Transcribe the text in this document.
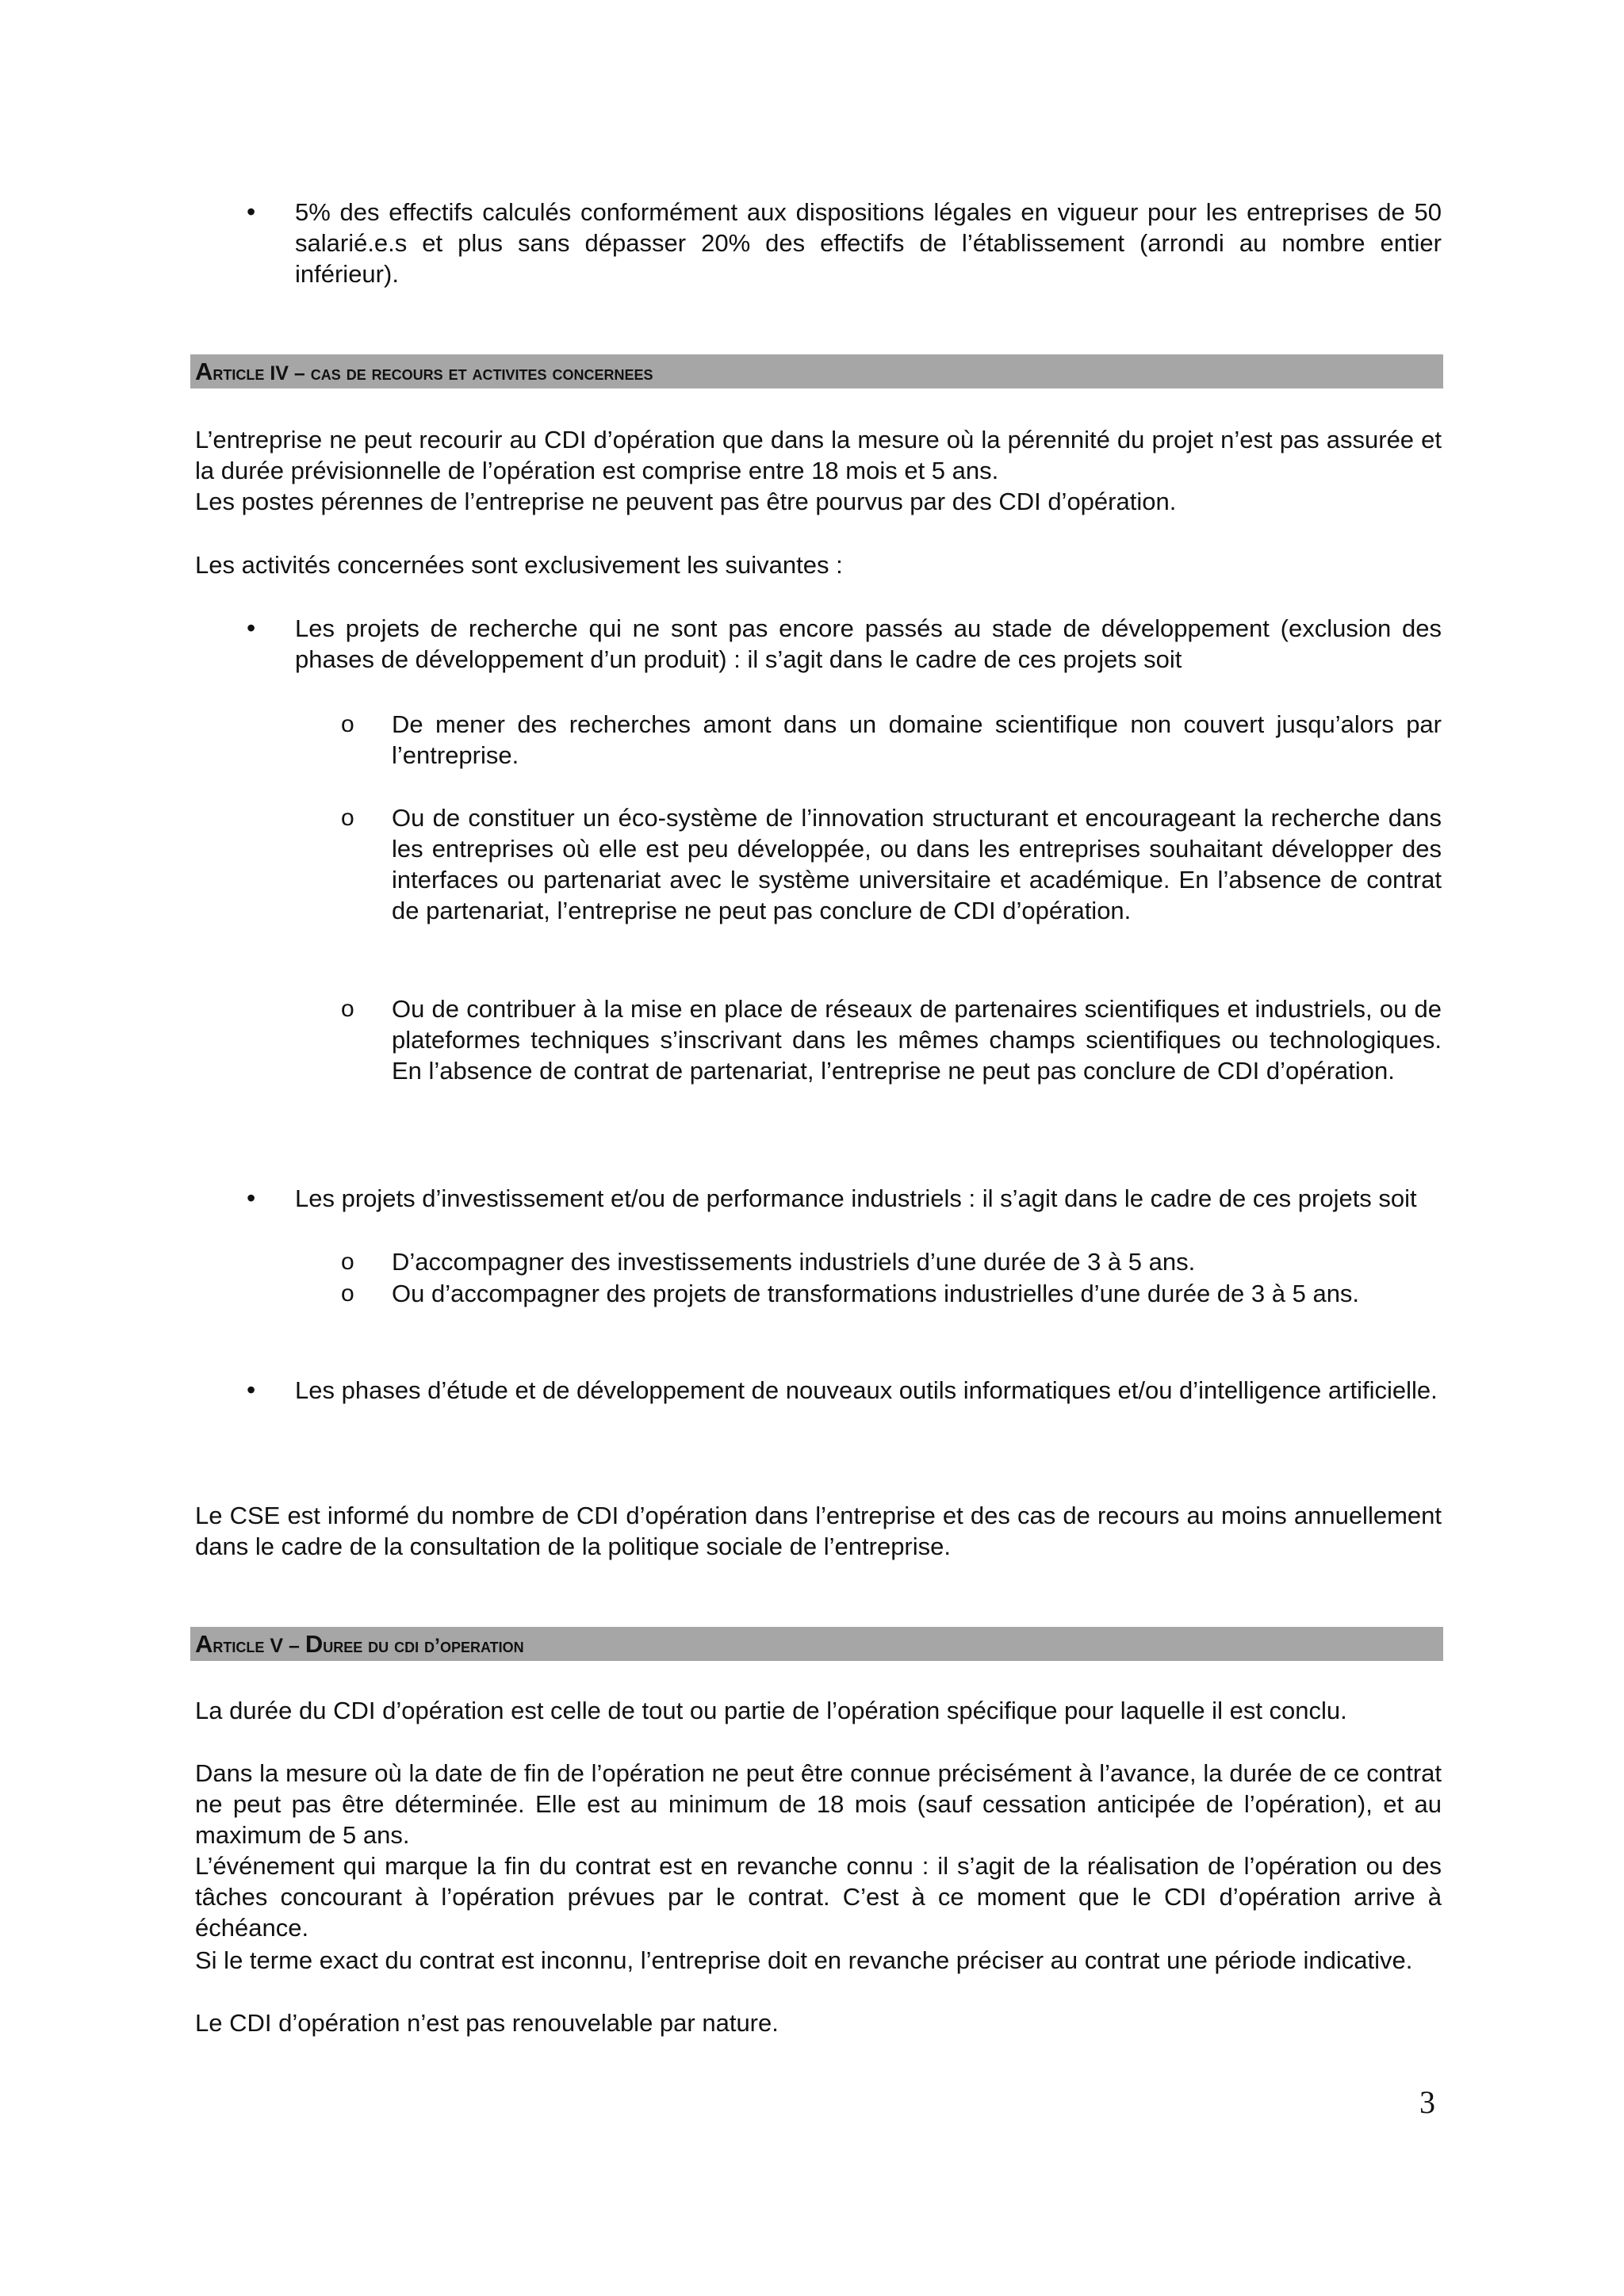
• 5% des effectifs calculés conformément aux dispositions légales en vigueur pour les entreprises de 50 salarié.e.s et plus sans dépasser 20% des effectifs de l’établissement (arrondi au nombre entier inférieur).

Article IV – cas de recours et activites concernees

L’entreprise ne peut recourir au CDI d’opération que dans la mesure où la pérennité du projet n’est pas assurée et la durée prévisionnelle de l’opération est comprise entre 18 mois et 5 ans.

Les postes pérennes de l’entreprise ne peuvent pas être pourvus par des CDI d’opération.

Les activités concernées sont exclusivement les suivantes :

• Les projets de recherche qui ne sont pas encore passés au stade de développement (exclusion des phases de développement d’un produit) : il s’agit dans le cadre de ces projets soit

o De mener des recherches amont dans un domaine scientifique non couvert jusqu’alors par l’entreprise.

o Ou de constituer un éco-système de l’innovation structurant et encourageant la recherche dans les entreprises où elle est peu développée, ou dans les entreprises souhaitant développer des interfaces ou partenariat avec le système universitaire et académique. En l’absence de contrat de partenariat, l’entreprise ne peut pas conclure de CDI d’opération.

o Ou de contribuer à la mise en place de réseaux de partenaires scientifiques et industriels, ou de plateformes techniques s’inscrivant dans les mêmes champs scientifiques ou technologiques. En l’absence de contrat de partenariat, l’entreprise ne peut pas conclure de CDI d’opération.

• Les projets d’investissement et/ou de performance industriels : il s’agit dans le cadre de ces projets soit

o D’accompagner des investissements industriels d’une durée de 3 à 5 ans.

o Ou d’accompagner des projets de transformations industrielles d’une durée de 3 à 5 ans.

• Les phases d’étude et de développement de nouveaux outils informatiques et/ou d’intelligence artificielle.

Le CSE est informé du nombre de CDI d’opération dans l’entreprise et des cas de recours au moins annuellement dans le cadre de la consultation de la politique sociale de l’entreprise.

Article V – Duree du cdi d’operation

La durée du CDI d’opération est celle de tout ou partie de l’opération spécifique pour laquelle il est conclu.

Dans la mesure où la date de fin de l’opération ne peut être connue précisément à l’avance, la durée de ce contrat ne peut pas être déterminée. Elle est au minimum de 18 mois (sauf cessation anticipée de l’opération), et au maximum de 5 ans.

L’événement qui marque la fin du contrat est en revanche connu : il s’agit de la réalisation de l’opération ou des tâches concourant à l’opération prévues par le contrat. C’est à ce moment que le CDI d’opération arrive à échéance.

Si le terme exact du contrat est inconnu, l’entreprise doit en revanche préciser au contrat une période indicative.

Le CDI d’opération n’est pas renouvelable par nature.

3
